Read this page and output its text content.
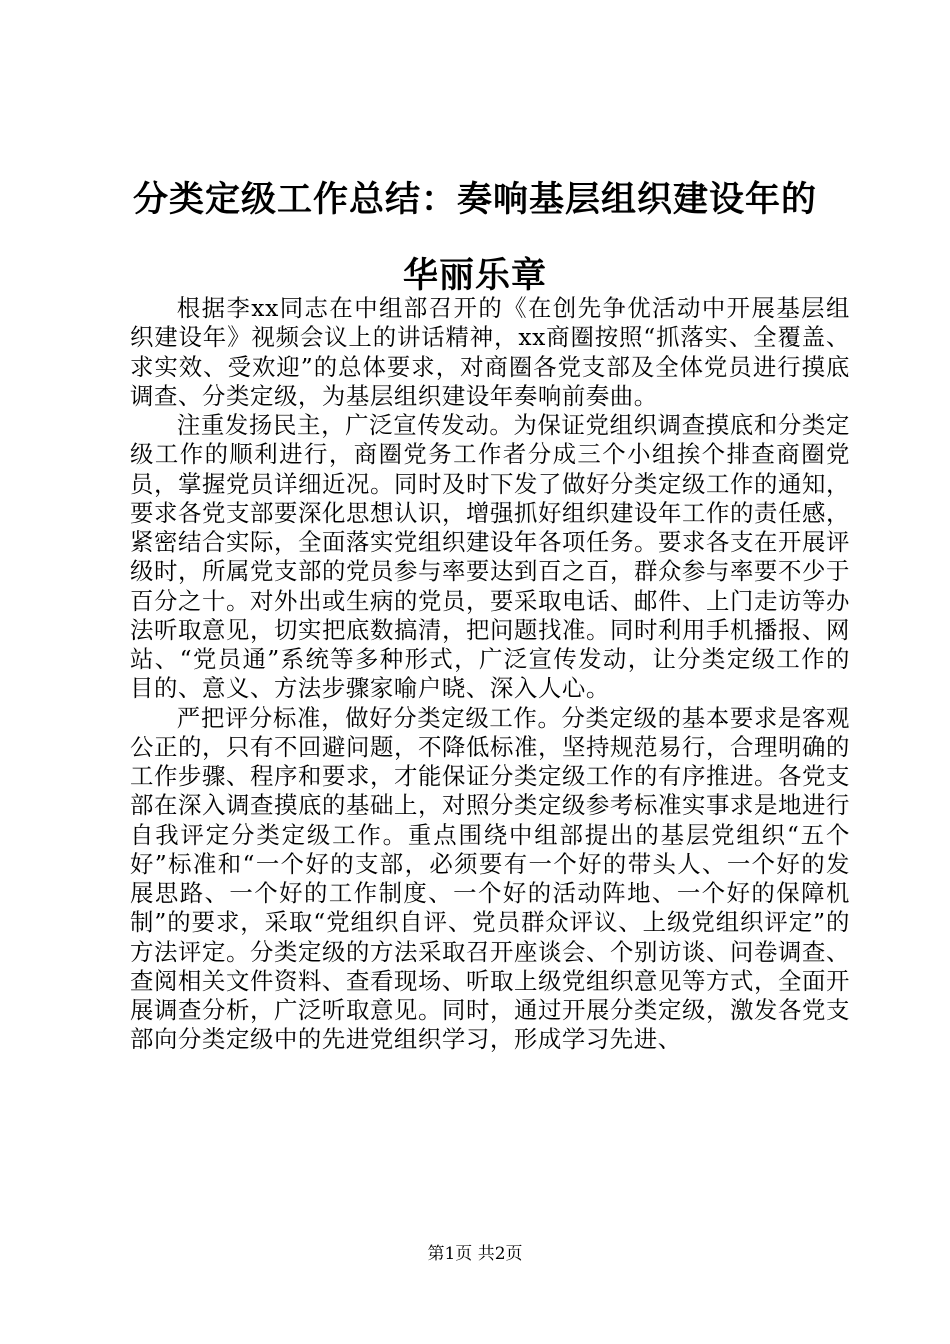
分类定级工作总结：奏响基层组织建设年的华丽乐章

根据李xx同志在中组部召开的《在创先争优活动中开展基层组织建设年》视频会议上的讲话精神，xx商圈按照“抓落实、全覆盖、求实效、受欢迎”的总体要求，对商圈各党支部及全体党员进行摸底调查、分类定级，为基层组织建设年奏响前奏曲。

注重发扬民主，广泛宣传发动。为保证党组织调查摸底和分类定级工作的顺利进行，商圈党务工作者分成三个小组挨个排查商圈党员，掌握党员详细近况。同时及时下发了做好分类定级工作的通知，要求各党支部要深化思想认识，增强抓好组织建设年工作的责任感，紧密结合实际，全面落实党组织建设年各项任务。要求各支在开展评级时，所属党支部的党员参与率要达到百之百，群众参与率要不少于百分之十。对外出或生病的党员，要采取电话、邮件、上门走访等办法听取意见，切实把底数搞清，把问题找准。同时利用手机播报、网站、“党员通”系统等多种形式，广泛宣传发动，让分类定级工作的目的、意义、方法步骤家喻户晓、深入人心。

严把评分标准，做好分类定级工作。分类定级的基本要求是客观公正的，只有不回避问题，不降低标准，坚持规范易行，合理明确的工作步骤、程序和要求，才能保证分类定级工作的有序推进。各党支部在深入调查摸底的基础上，对照分类定级参考标准实事求是地进行自我评定分类定级工作。重点围绕中组部提出的基层党组织“五个好”标准和“一个好的支部，必须要有一个好的带头人、一个好的发展思路、一个好的工作制度、一个好的活动阵地、一个好的保障机制”的要求，采取“党组织自评、党员群众评议、上级党组织评定”的方法评定。分类定级的方法采取召开座谈会、个别访谈、问卷调查、查阅相关文件资料、查看现场、听取上级党组织意见等方式，全面开展调查分析，广泛听取意见。同时，通过开展分类定级，激发各党支部向分类定级中的先进党组织学习，形成学习先进、

第1页 共2页
